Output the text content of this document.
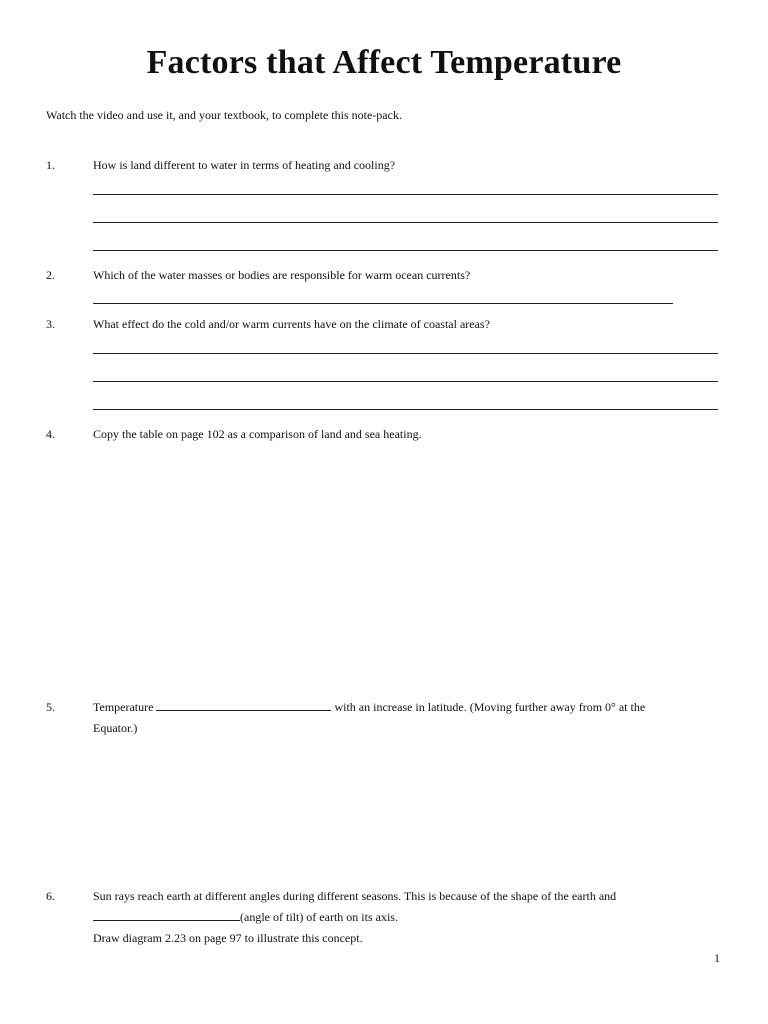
Factors that Affect Temperature
Watch the video and use it, and your textbook, to complete this note-pack.
1.	How is land different to water in terms of heating and cooling?
2.	Which of the water masses or bodies are responsible for warm ocean currents?
3.	What effect do the cold and/or warm currents have on the climate of coastal areas?
4.	Copy the table on page 102 as a comparison of land and sea heating.
5.	Temperature	with an increase in latitude. (Moving further away from 0° at the
Equator.)
6.	Sun rays reach earth at different angles during different seasons. This is because of the shape of the earth and
(angle of tilt) of earth on its axis.
Draw diagram 2.23 on page 97 to illustrate this concept.
1
